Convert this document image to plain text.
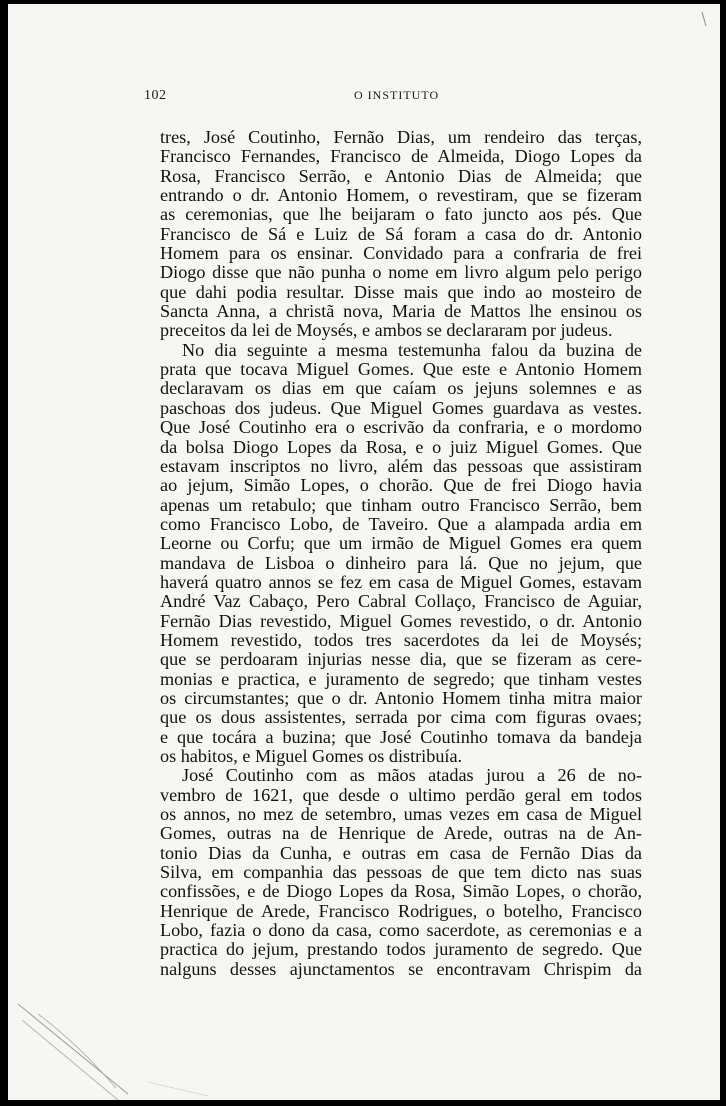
102	O INSTITUTO
tres, José Coutinho, Fernão Dias, um rendeiro das terças,
Francisco Fernandes, Francisco de Almeida, Diogo Lopes da
Rosa, Francisco Serrão, e Antonio Dias de Almeida; que
entrando o dr. Antonio Homem, o revestiram, que se fizeram
as ceremonias, que lhe beijaram o fato juncto aos pés. Que
Francisco de Sá e Luiz de Sá foram a casa do dr. Antonio
Homem para os ensinar. Convidado para a confraria de frei
Diogo disse que não punha o nome em livro algum pelo perigo
que dahi podia resultar. Disse mais que indo ao mosteiro de
Sancta Anna, a christã nova, Maria de Mattos lhe ensinou os
preceitos da lei de Moysés, e ambos se declararam por judeus.
No dia seguinte a mesma testemunha falou da buzina de
prata que tocava Miguel Gomes. Que este e Antonio Homem
declaravam os dias em que caíam os jejuns solemnes e as
paschoas dos judeus. Que Miguel Gomes guardava as vestes.
Que José Coutinho era o escrivão da confraria, e o mordomo
da bolsa Diogo Lopes da Rosa, e o juiz Miguel Gomes. Que
estavam inscriptos no livro, além das pessoas que assistiram
ao jejum, Simão Lopes, o chorão. Que de frei Diogo havia
apenas um retabulo; que tinham outro Francisco Serrão, bem
como Francisco Lobo, de Taveiro. Que a alampada ardia em
Leorne ou Corfu; que um irmão de Miguel Gomes era quem
mandava de Lisboa o dinheiro para lá. Que no jejum, que
haverá quatro annos se fez em casa de Miguel Gomes, estavam
André Vaz Cabaço, Pero Cabral Collaço, Francisco de Aguiar,
Fernão Dias revestido, Miguel Gomes revestido, o dr. Antonio
Homem revestido, todos tres sacerdotes da lei de Moysés;
que se perdoaram injurias nesse dia, que se fizeram as cere-
monias e practica, e juramento de segredo; que tinham vestes
os circumstantes; que o dr. Antonio Homem tinha mitra maior
que os dous assistentes, serrada por cima com figuras ovaes;
e que tocára a buzina; que José Coutinho tomava da bandeja
os habitos, e Miguel Gomes os distribuía.
José Coutinho com as mãos atadas jurou a 26 de no-
vembro de 1621, que desde o ultimo perdão geral em todos
os annos, no mez de setembro, umas vezes em casa de Miguel
Gomes, outras na de Henrique de Arede, outras na de An-
tonio Dias da Cunha, e outras em casa de Fernão Dias da
Silva, em companhia das pessoas de que tem dicto nas suas
confissões, e de Diogo Lopes da Rosa, Simão Lopes, o chorão,
Henrique de Arede, Francisco Rodrigues, o botelho, Francisco
Lobo, fazia o dono da casa, como sacerdote, as ceremonias e a
practica do jejum, prestando todos juramento de segredo. Que
nalguns desses ajunctamentos se encontravam Chrispim da
